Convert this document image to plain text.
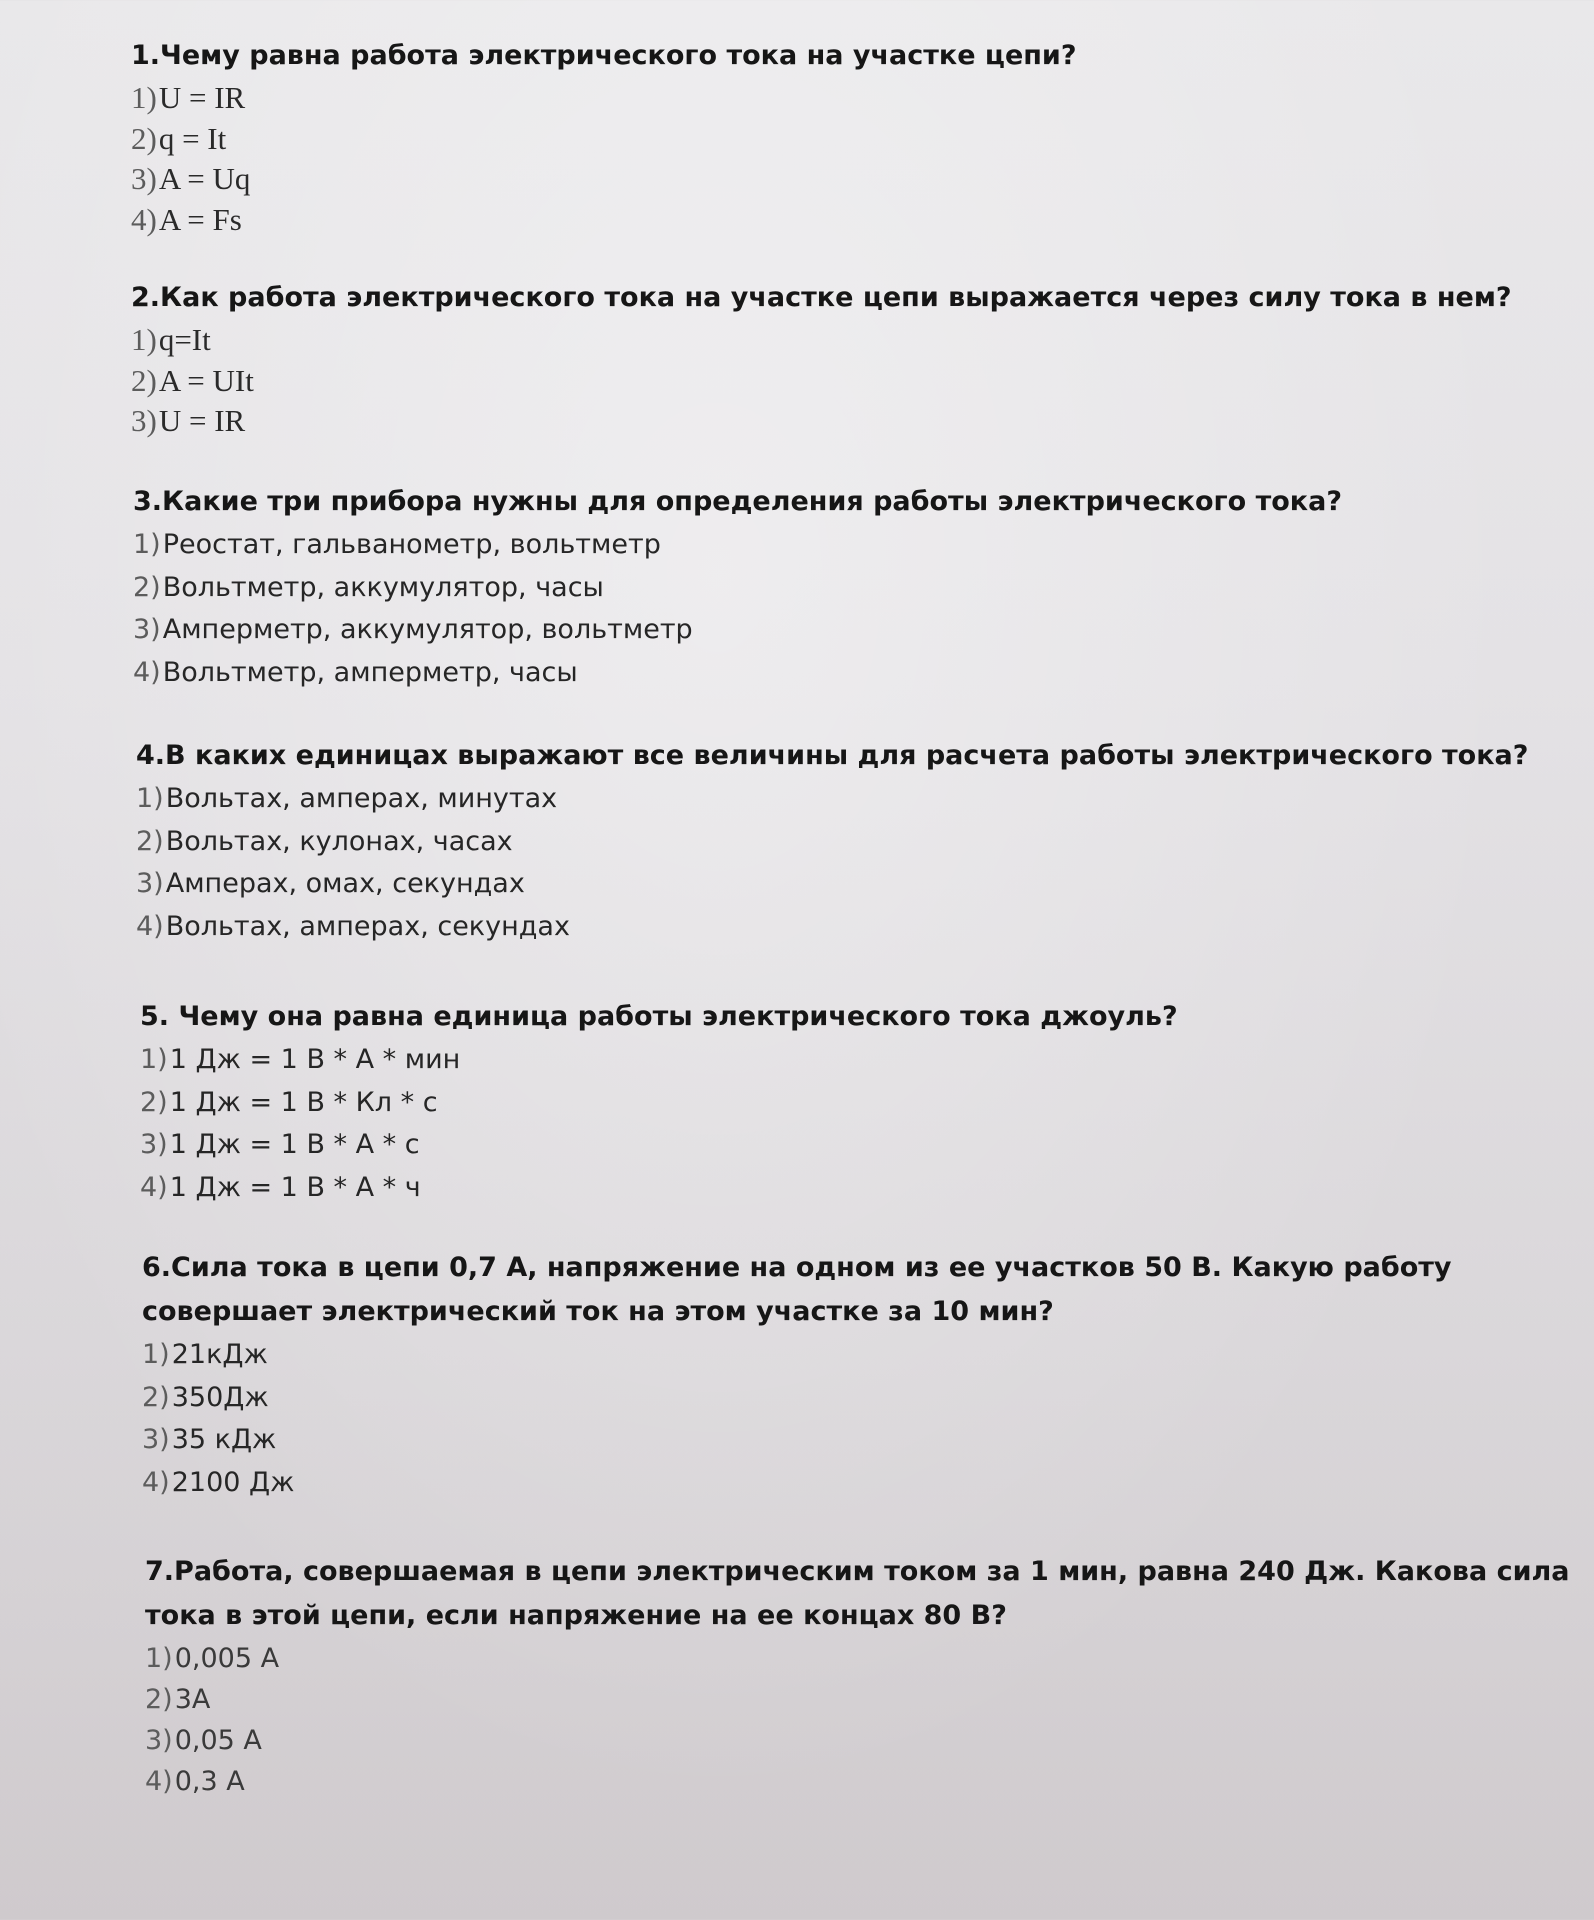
1.Чему равна работа электрического тока на участке цепи?
1) U = IR
2) q = It
3) A = Uq
4) A = Fs
2.Как работа электрического тока на участке цепи выражается через силу тока в нем?
1) q=It
2) A = UIt
3) U = IR
3.Какие три прибора нужны для определения работы электрического тока?
1) Реостат, гальванометр, вольтметр
2) Вольтметр, аккумулятор, часы
3) Амперметр, аккумулятор, вольтметр
4) Вольтметр, амперметр, часы
4.В каких единицах выражают все величины для расчета работы электрического тока?
1) Вольтах, амперах, минутах
2) Вольтах, кулонах, часах
3) Амперах, омах, секундах
4) Вольтах, амперах, секундах
5. Чему она равна единица работы электрического тока джоуль?
1) 1 Дж = 1 В * А * мин
2) 1 Дж = 1 В * Кл * с
3) 1 Дж = 1 В * А * с
4) 1 Дж = 1 В * А * ч
6.Сила тока в цепи 0,7 А, напряжение на одном из ее участков 50 В. Какую работу
совершает электрический ток на этом участке за 10 мин?
1) 21кДж
2) 350Дж
3) 35 кДж
4) 2100 Дж
7.Работа, совершаемая в цепи электрическим током за 1 мин, равна 240 Дж. Какова сила
тока в этой цепи, если напряжение на ее концах 80 В?
1) 0,005 А
2) 3А
3) 0,05 А
4) 0,3 А
